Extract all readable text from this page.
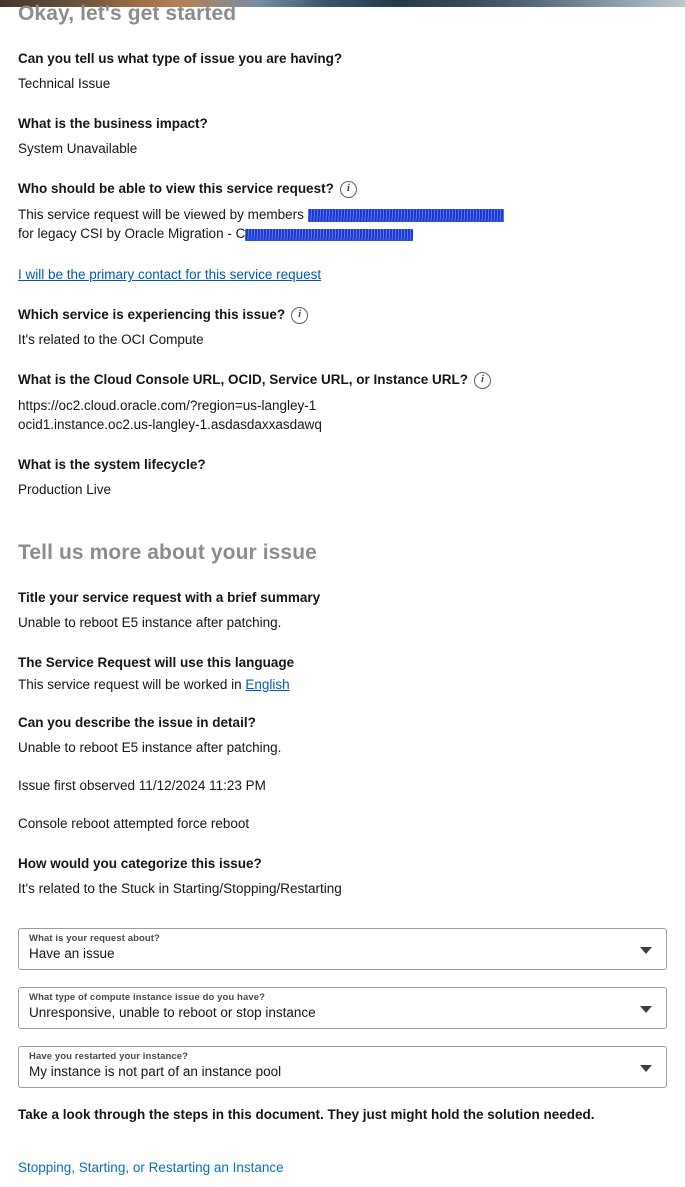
Okay, let's get started

Can you tell us what type of issue you are having?

Technical Issue

What is the business impact?

System Unavailable

Who should be able to view this service request? i

This service request will be viewed by members
for legacy CSI by Oracle Migration - C
I will be the primary contact for this service request

Which service is experiencing this issue? i

It's related to the OCI Compute

What is the Cloud Console URL, OCID, Service URL, or Instance URL? i

https://oc2.cloud.oracle.com/?region=us-langley-1

ocid1.instance.oc2.us-langley-1.asdasdaxxasdawq

What is the system lifecycle?

Production Live

Tell us more about your issue

Title your service request with a brief summary

Unable to reboot E5 instance after patching.

The Service Request will use this language

This service request will be worked in English

Can you describe the issue in detail?

Unable to reboot E5 instance after patching.

Issue first observed 11/12/2024 11:23 PM

Console reboot attempted force reboot

How would you categorize this issue?

It's related to the Stuck in Starting/Stopping/Restarting

What is your request about?
Have an issue
What type of compute instance issue do you have?
Unresponsive, unable to reboot or stop instance
Have you restarted your instance?
My instance is not part of an instance pool

Take a look through the steps in this document. They just might hold the solution needed.

Stopping, Starting, or Restarting an Instance
